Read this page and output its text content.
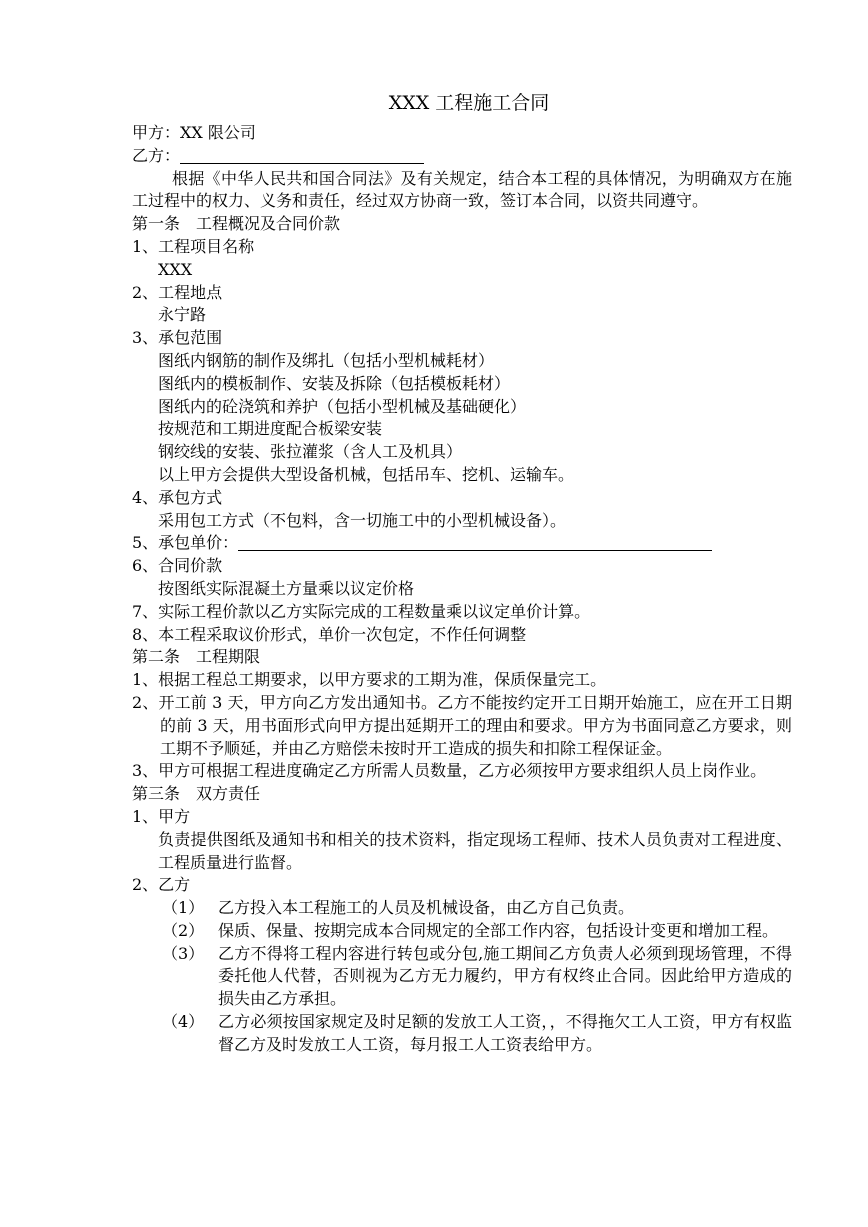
XXX 工程施工合同
甲方：XX 限公司
乙方：
根据《中华人民共和国合同法》及有关规定，结合本工程的具体情况，为明确双方在施工过程中的权力、义务和责任，经过双方协商一致，签订本合同，以资共同遵守。
第一条　工程概况及合同价款
1、工程项目名称
XXX
2、工程地点
永宁路
3、承包范围
图纸内钢筋的制作及绑扎（包括小型机械耗材）
图纸内的模板制作、安装及拆除（包括模板耗材）
图纸内的砼浇筑和养护（包括小型机械及基础硬化）
按规范和工期进度配合板梁安装
钢绞线的安装、张拉灌浆（含人工及机具）
以上甲方会提供大型设备机械，包括吊车、挖机、运输车。
4、承包方式
采用包工方式（不包料，含一切施工中的小型机械设备）。
5、承包单价：
6、合同价款
按图纸实际混凝土方量乘以议定价格
7、实际工程价款以乙方实际完成的工程数量乘以议定单价计算。
8、本工程采取议价形式，单价一次包定，不作任何调整
第二条　工程期限
1、根据工程总工期要求，以甲方要求的工期为准，保质保量完工。
2、开工前 3 天，甲方向乙方发出通知书。乙方不能按约定开工日期开始施工，应在开工日期的前 3 天，用书面形式向甲方提出延期开工的理由和要求。甲方为书面同意乙方要求，则工期不予顺延，并由乙方赔偿未按时开工造成的损失和扣除工程保证金。
3、甲方可根据工程进度确定乙方所需人员数量，乙方必须按甲方要求组织人员上岗作业。
第三条　双方责任
1、甲方
负责提供图纸及通知书和相关的技术资料，指定现场工程师、技术人员负责对工程进度、工程质量进行监督。
2、乙方
（1） 乙方投入本工程施工的人员及机械设备，由乙方自己负责。
（2） 保质、保量、按期完成本合同规定的全部工作内容，包括设计变更和增加工程。
（3） 乙方不得将工程内容进行转包或分包,施工期间乙方负责人必须到现场管理，不得委托他人代替，否则视为乙方无力履约，甲方有权终止合同。因此给甲方造成的损失由乙方承担。
（4） 乙方必须按国家规定及时足额的发放工人工资，，不得拖欠工人工资，甲方有权监督乙方及时发放工人工资，每月报工人工资表给甲方。
